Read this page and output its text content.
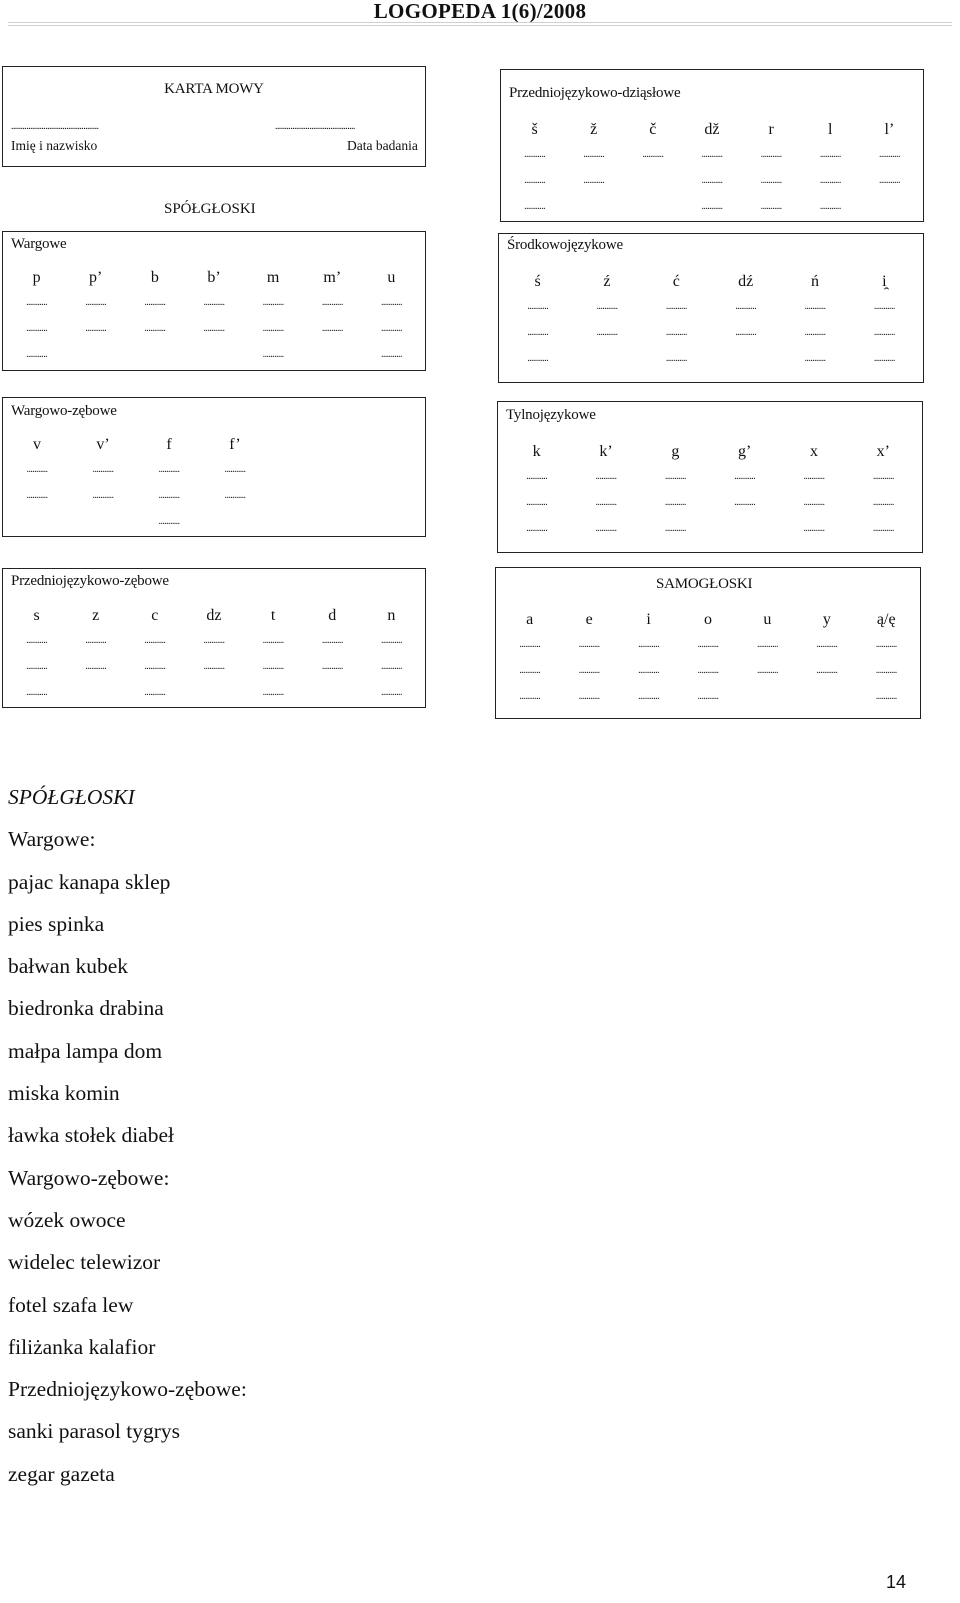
LOGOPEDA 1(6)/2008
KARTA MOWY
..............................................	..........................................
Imię i nazwisko	Data badania
SPÓŁGŁOSKI
Wargowe
p
...........
...........
...........
p’
...........
...........
b
...........
...........
b’
...........
...........
m
...........
...........
...........
m’
...........
...........
u
...........
...........
...........
Wargowo-zębowe
v
...........
...........
v’
...........
...........
f
...........
...........
...........
f’
...........
...........
Przedniojęzykowo-zębowe
s
...........
...........
...........
z
...........
...........
c
...........
...........
...........
dz
...........
...........
t
...........
...........
...........
d
...........
...........
n
...........
...........
...........
Przedniojęzykowo-dziąsłowe
š
...........
...........
...........
ž
...........
...........
č
...........
dž
...........
...........
...........
r
...........
...........
...........
l
...........
...........
...........
l’
...........
...........
Środkowojęzykowe
ś
...........
...........
...........
ź
...........
...........
ć
...........
...........
...........
dź
...........
...........
ń
...........
...........
...........
i̯
...........
...........
...........
Tylnojęzykowe
k
...........
...........
...........
k’
...........
...........
...........
g
...........
...........
...........
g’
...........
...........
x
...........
...........
...........
x’
...........
...........
...........
SAMOGŁOSKI
a
...........
...........
...........
e
...........
...........
...........
i
...........
...........
...........
o
...........
...........
...........
u
...........
...........
y
...........
...........
ą/ę
...........
...........
...........
SPÓŁGŁOSKI
Wargowe:
pajac kanapa sklep
pies spinka
bałwan kubek
biedronka drabina
małpa lampa dom
miska komin
ławka stołek diabeł
Wargowo-zębowe:
wózek owoce
widelec telewizor
fotel szafa lew
filiżanka kalafior
Przedniojęzykowo-zębowe:
sanki parasol tygrys
zegar gazeta
14
